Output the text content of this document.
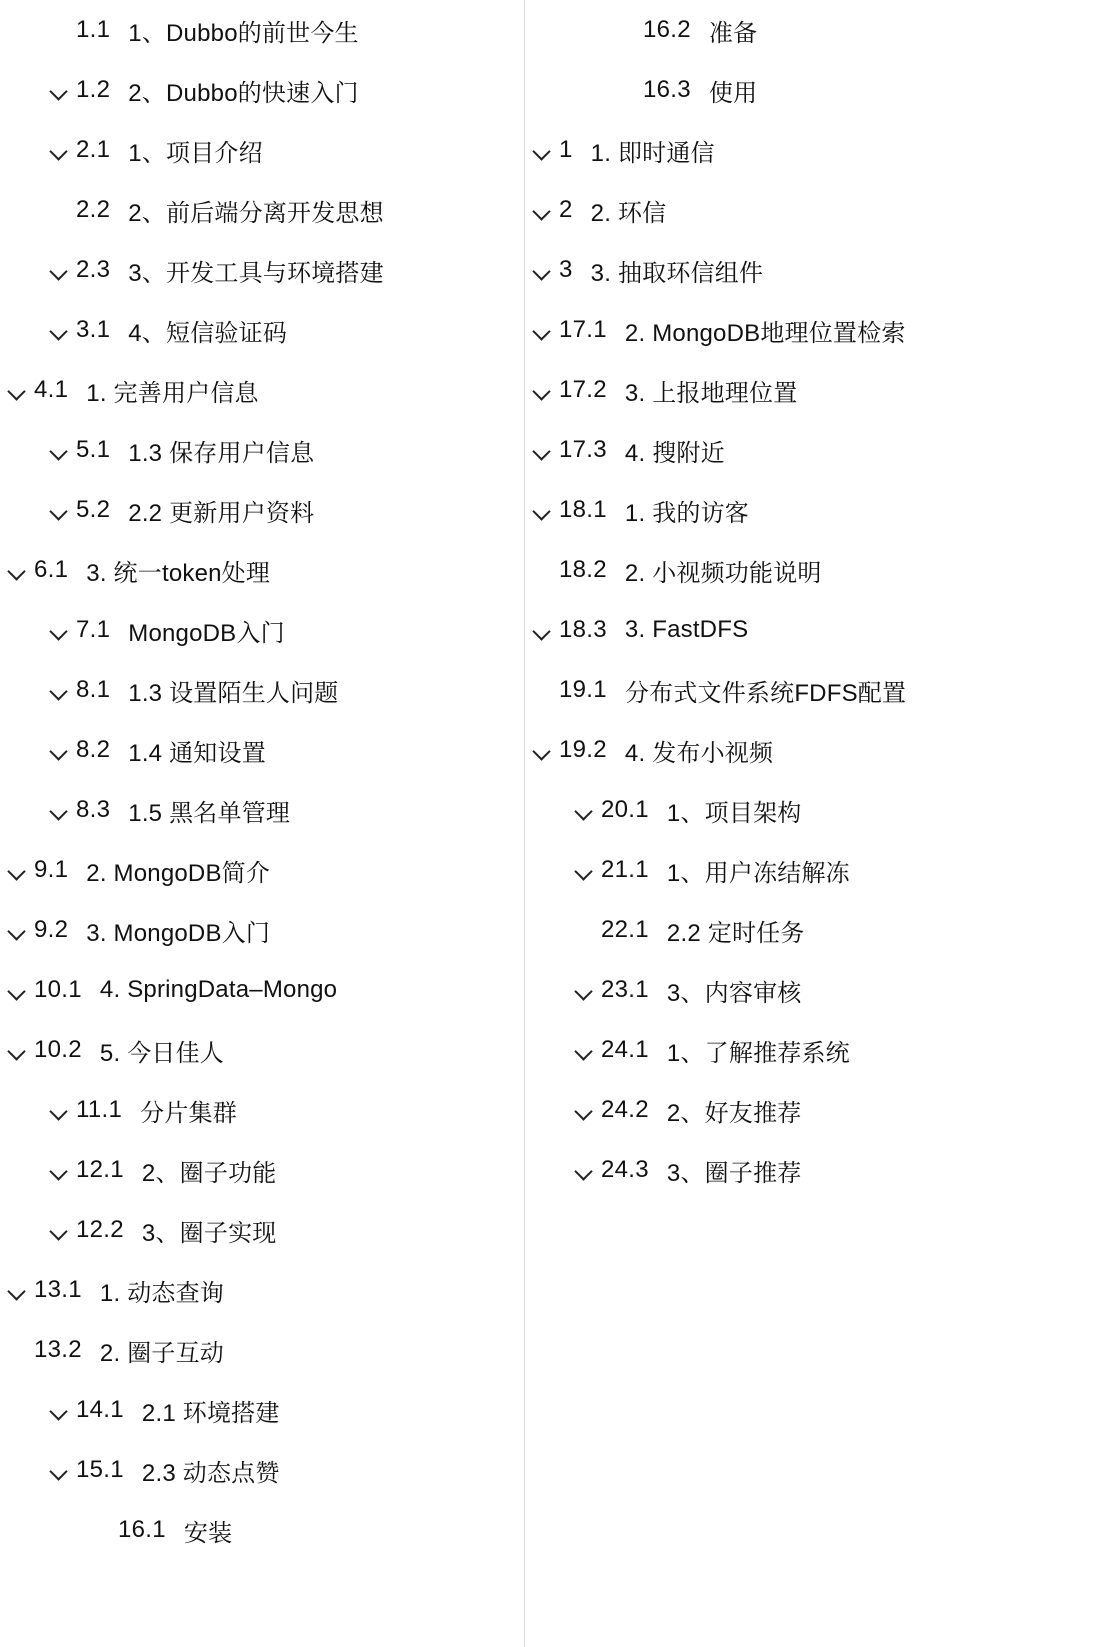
1.1 1、Dubbo的前世今生
1.2 2、Dubbo的快速入门
2.1 1、项目介绍
2.2 2、前后端分离开发思想
2.3 3、开发工具与环境搭建
3.1 4、短信验证码
4.1 1. 完善用户信息
5.1 1.3 保存用户信息
5.2 2.2 更新用户资料
6.1 3. 统一token处理
7.1 MongoDB入门
8.1 1.3 设置陌生人问题
8.2 1.4 通知设置
8.3 1.5 黑名单管理
9.1 2. MongoDB简介
9.2 3. MongoDB入门
10.1 4. SpringData–Mongo
10.2 5. 今日佳人
11.1 分片集群
12.1 2、圈子功能
12.2 3、圈子实现
13.1 1. 动态查询
13.2 2. 圈子互动
14.1 2.1 环境搭建
15.1 2.3 动态点赞
16.1 安装
16.2 准备
16.3 使用
1 1. 即时通信
2 2. 环信
3 3. 抽取环信组件
17.1 2. MongoDB地理位置检索
17.2 3. 上报地理位置
17.3 4. 搜附近
18.1 1. 我的访客
18.2 2. 小视频功能说明
18.3 3. FastDFS
19.1 分布式文件系统FDFS配置
19.2 4. 发布小视频
20.1 1、项目架构
21.1 1、用户冻结解冻
22.1 2.2 定时任务
23.1 3、内容审核
24.1 1、了解推荐系统
24.2 2、好友推荐
24.3 3、圈子推荐
